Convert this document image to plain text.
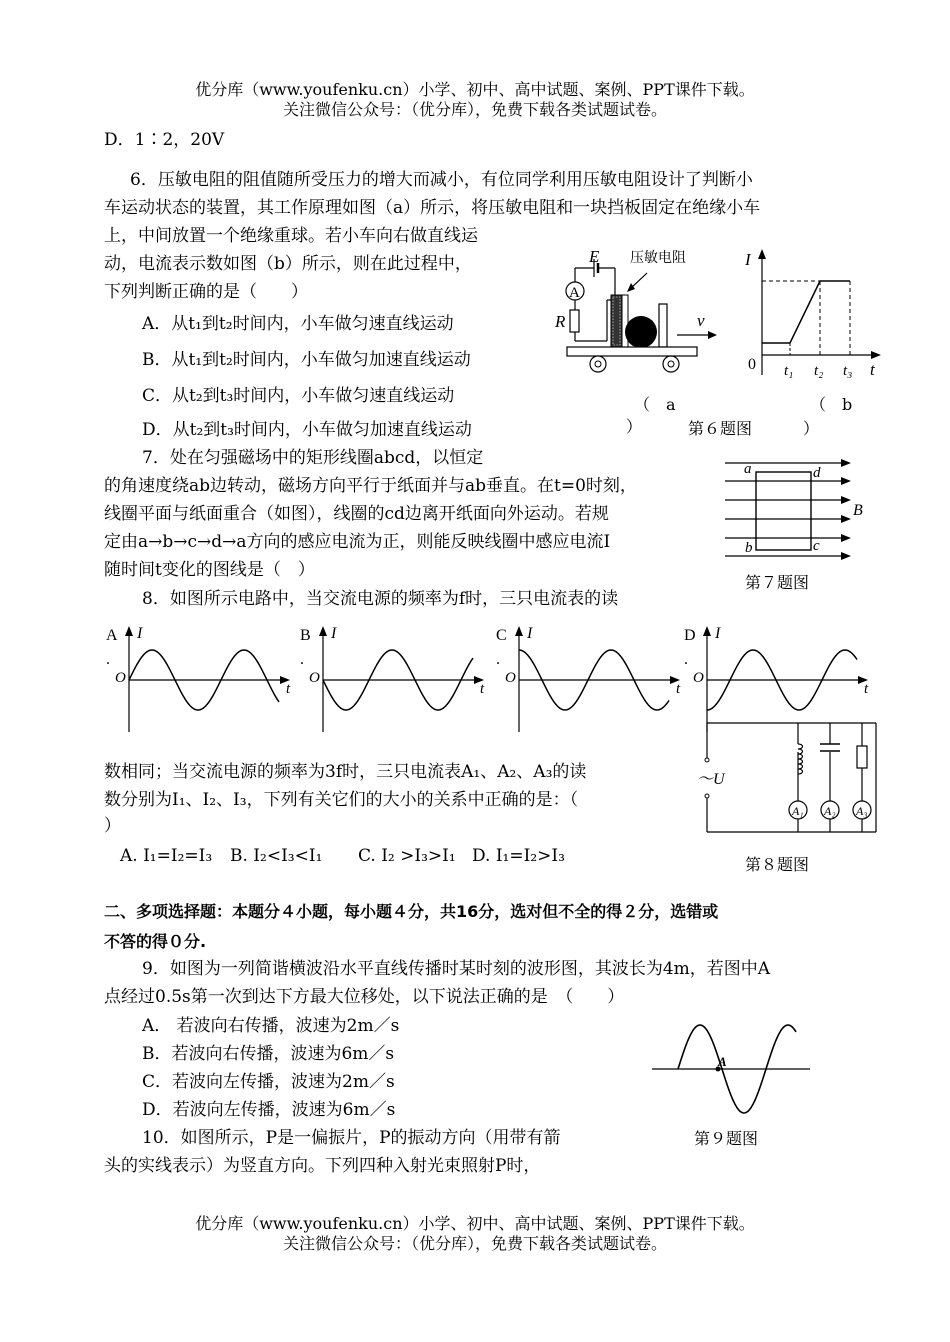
优分库（www.youfenku.cn）小学、初中、高中试题、案例、PPT课件下载。
关注微信公众号：（优分库），免费下载各类试题试卷。
D．1∶2，20V
6．压敏电阻的阻值随所受压力的增大而减小，有位同学利用压敏电阻设计了判断小
车运动状态的装置，其工作原理如图（a）所示，将压敏电阻和一块挡板固定在绝缘小车
上，中间放置一个绝缘重球。若小车向右做直线运
动，电流表示数如图（b）所示，则在此过程中，
下列判断正确的是（　　）
A．从t₁到t₂时间内，小车做匀速直线运动
B．从t₁到t₂时间内，小车做匀加速直线运动
C．从t₂到t₃时间内，小车做匀速直线运动
D．从t₂到t₃时间内，小车做匀加速直线运动
E
A
R
压敏电阻
v
（　a
）
I
0 t₁ t₂ t₃ t
（　b
第６题图	）
7．处在匀强磁场中的矩形线圈abcd，以恒定
的角速度绕ab边转动，磁场方向平行于纸面并与ab垂直。在t=0时刻，
线圈平面与纸面重合（如图），线圈的cd边离开纸面向外运动。若规
定由a→b→c→d→a方向的感应电流为正，则能反映线圈中感应电流I
随时间t变化的图线是（　）
a	d
b	c
B
第７题图
8．如图所示电路中，当交流电源的频率为f时，三只电流表的读
A
.
I
O
t
B
.
I
O
t
C
.
I
O
t
D
.
I
O
t
数相同；当交流电源的频率为3f时，三只电流表A₁、A₂、A₃的读
数分别为I₁、I₂、I₃，下列有关它们的大小的关系中正确的是：（
）
A. I₁=I₂=I₃ B. I₂<I₃<I₁ C. I₂ >I₃>I₁ D. I₁=I₂>I₃
A₁ A₂ A₃
～U
第８题图
二、多项选择题：本题分４小题，每小题４分，共16分，选对但不全的得２分，选错或
不答的得０分.
9．如图为一列简谐横波沿水平直线传播时某时刻的波形图，其波长为4m，若图中A
点经过0.5s第一次到达下方最大位移处，以下说法正确的是　（　　）
A． 若波向右传播，波速为2m／s
B．若波向右传播，波速为6m／s
C．若波向左传播，波速为2m／s
D．若波向左传播，波速为6m／s
A
第９题图
10．如图所示，P是一偏振片，P的振动方向（用带有箭
头的实线表示）为竖直方向。下列四种入射光束照射P时，
优分库（www.youfenku.cn）小学、初中、高中试题、案例、PPT课件下载。
关注微信公众号：（优分库），免费下载各类试题试卷。
